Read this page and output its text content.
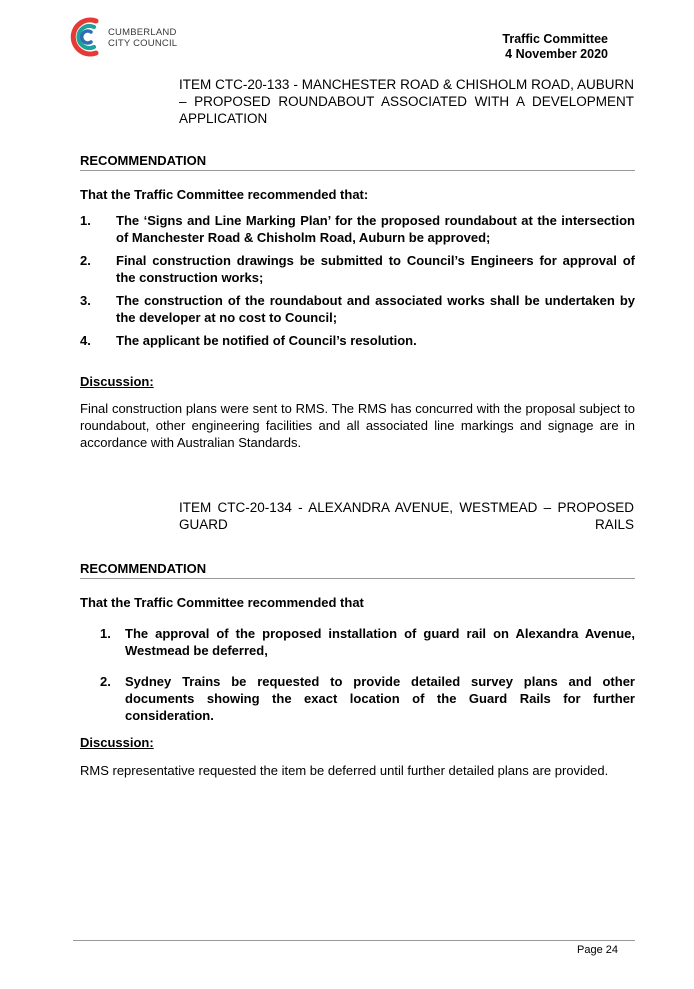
CUMBERLAND
CITY COUNCIL	Traffic Committee
4 November 2020
ITEM CTC-20-133 - MANCHESTER ROAD & CHISHOLM ROAD, AUBURN – PROPOSED ROUNDABOUT ASSOCIATED WITH A DEVELOPMENT APPLICATION
RECOMMENDATION
That the Traffic Committee recommended that:
1.	The ‘Signs and Line Marking Plan’ for the proposed roundabout at the intersection of Manchester Road & Chisholm Road, Auburn be approved;
2.	Final construction drawings be submitted to Council’s Engineers for approval of the construction works;
3.	The construction of the roundabout and associated works shall be undertaken by the developer at no cost to Council;
4.	The applicant be notified of Council’s resolution.
Discussion:
Final construction plans were sent to RMS. The RMS has concurred with the proposal subject to roundabout, other engineering facilities and all associated line markings and signage are in accordance with Australian Standards.
ITEM CTC-20-134 - ALEXANDRA AVENUE, WESTMEAD – PROPOSED GUARD RAILS
RECOMMENDATION
That the Traffic Committee recommended that
1.	The approval of the proposed installation of guard rail on Alexandra Avenue, Westmead be deferred,
2.	Sydney Trains be requested to provide detailed survey plans and other documents showing the exact location of the Guard Rails for further consideration.
Discussion:
RMS representative requested the item be deferred until further detailed plans are provided.
Page 24
